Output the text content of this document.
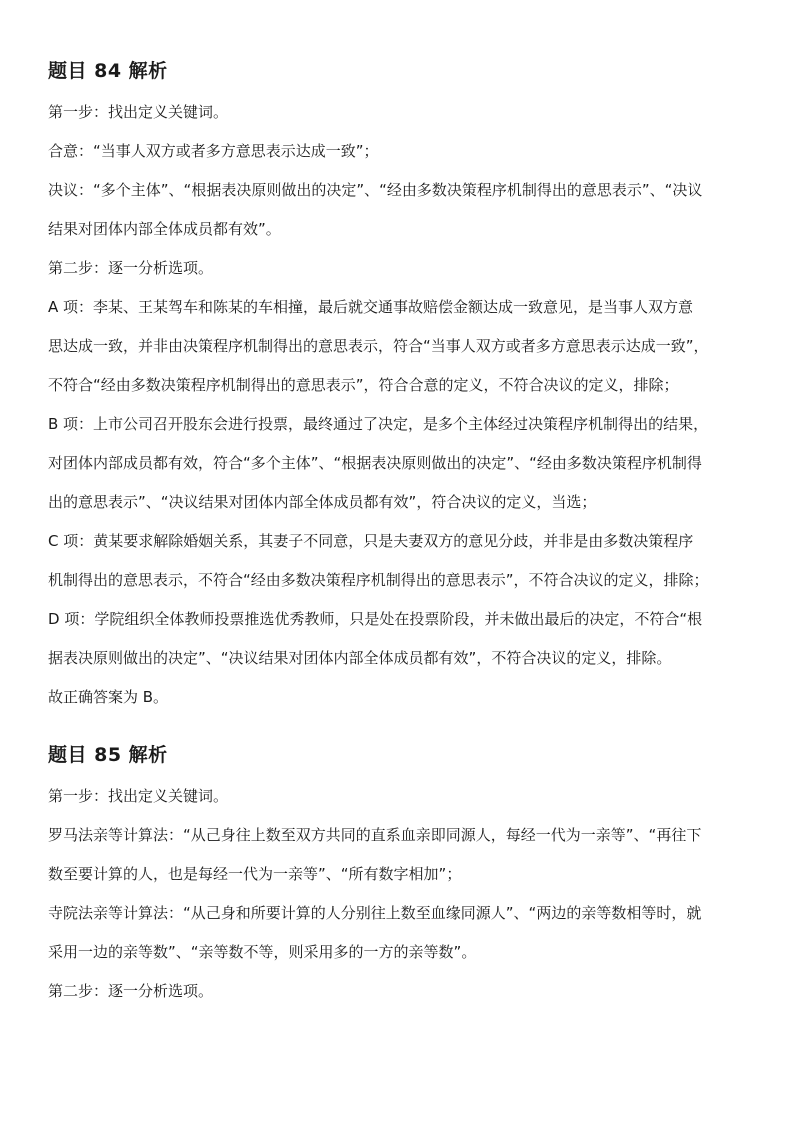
题目 84 解析

第一步：找出定义关键词。

合意：“当事人双方或者多方意思表示达成一致”；

决议：“多个主体”、“根据表决原则做出的决定”、“经由多数决策程序机制得出的意思表示”、“决议

结果对团体内部全体成员都有效”。

第二步：逐一分析选项。

A 项：李某、王某驾车和陈某的车相撞，最后就交通事故赔偿金额达成一致意见，是当事人双方意

思达成一致，并非由决策程序机制得出的意思表示，符合“当事人双方或者多方意思表示达成一致”，

不符合“经由多数决策程序机制得出的意思表示”，符合合意的定义，不符合决议的定义，排除；

B 项：上市公司召开股东会进行投票，最终通过了决定，是多个主体经过决策程序机制得出的结果，

对团体内部成员都有效，符合“多个主体”、“根据表决原则做出的决定”、“经由多数决策程序机制得

出的意思表示”、“决议结果对团体内部全体成员都有效”，符合决议的定义，当选；

C 项：黄某要求解除婚姻关系，其妻子不同意，只是夫妻双方的意见分歧，并非是由多数决策程序

机制得出的意思表示，不符合“经由多数决策程序机制得出的意思表示”，不符合决议的定义，排除；

D 项：学院组织全体教师投票推选优秀教师，只是处在投票阶段，并未做出最后的决定，不符合“根

据表决原则做出的决定”、“决议结果对团体内部全体成员都有效”，不符合决议的定义，排除。

故正确答案为 B。

题目 85 解析

第一步：找出定义关键词。

罗马法亲等计算法：“从己身往上数至双方共同的直系血亲即同源人，每经一代为一亲等”、“再往下

数至要计算的人，也是每经一代为一亲等”、“所有数字相加”；

寺院法亲等计算法：“从己身和所要计算的人分别往上数至血缘同源人”、“两边的亲等数相等时，就

采用一边的亲等数”、“亲等数不等，则采用多的一方的亲等数”。

第二步：逐一分析选项。
